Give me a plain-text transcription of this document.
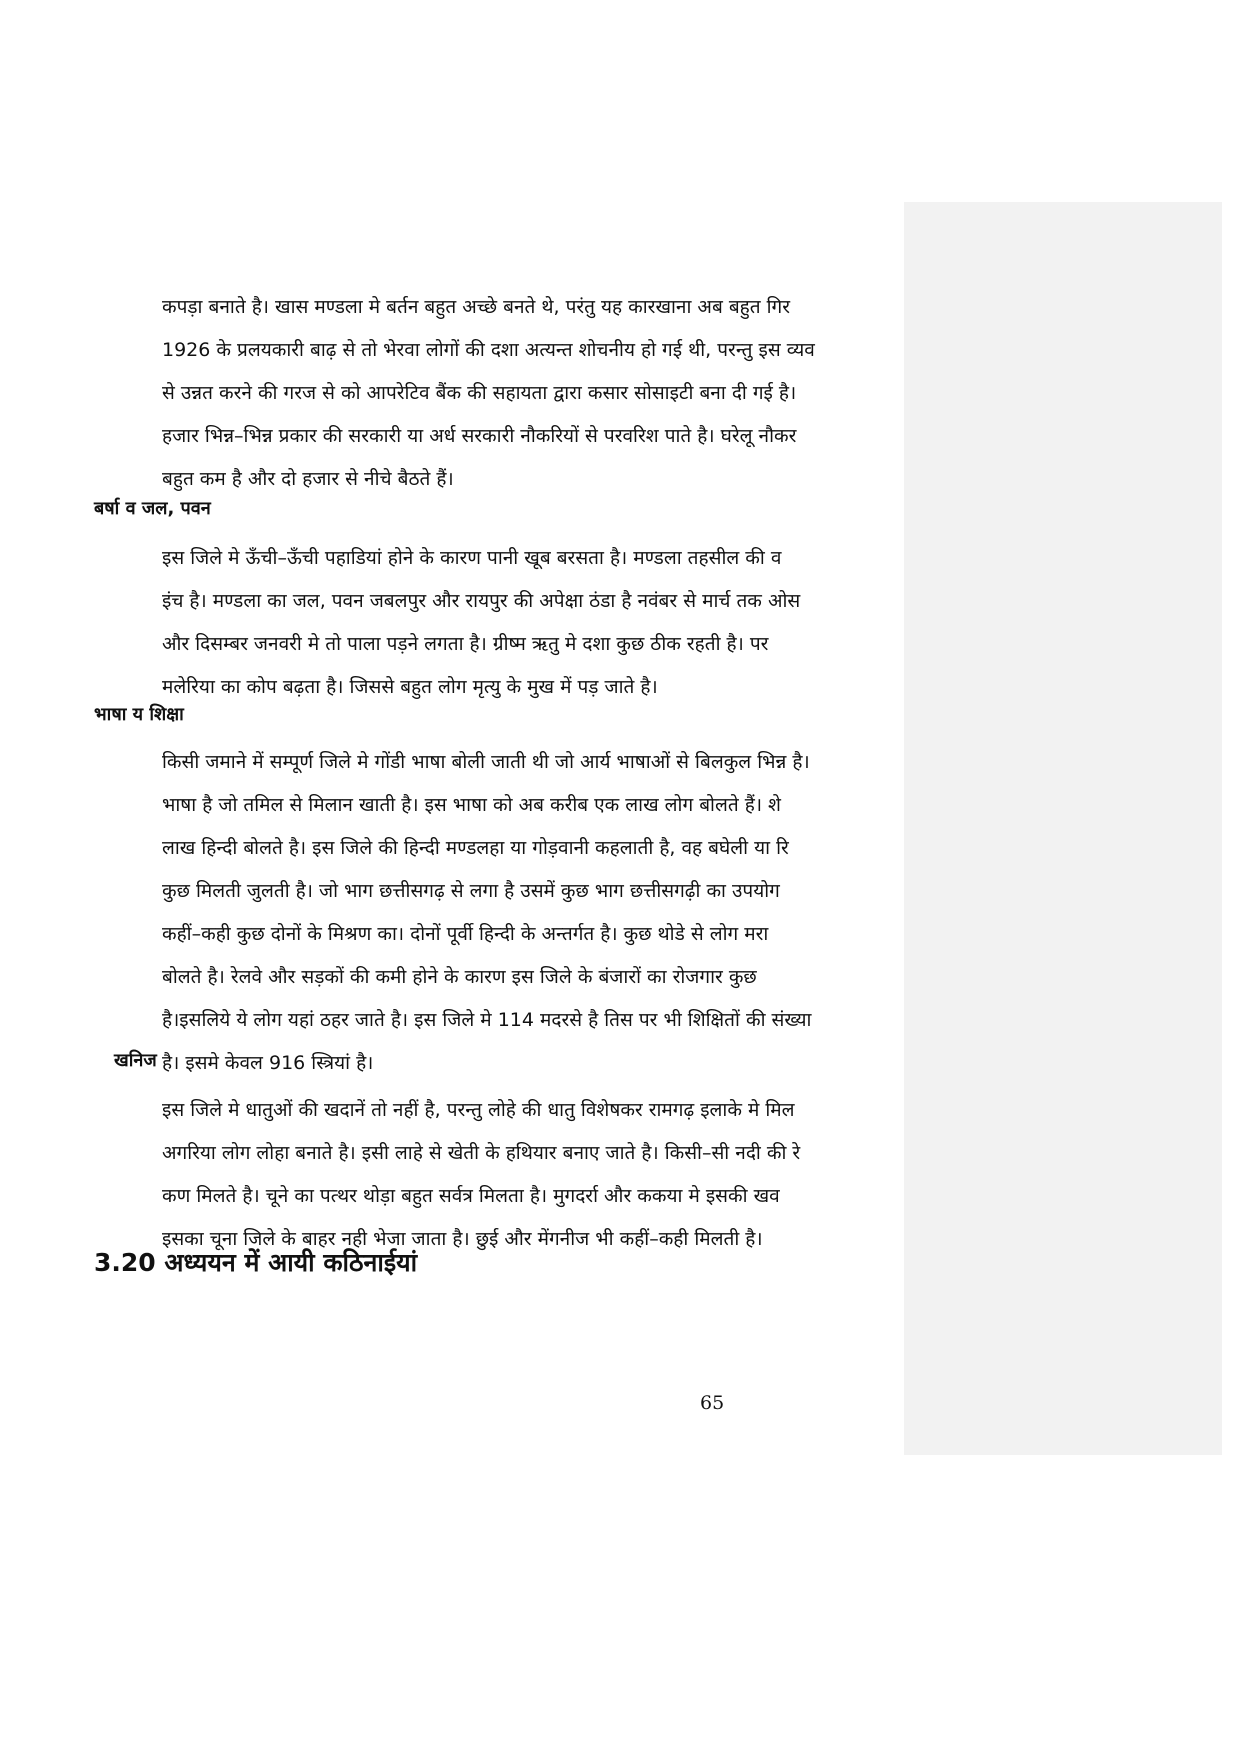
कपड़ा बनाते है। खास मण्डला मे बर्तन बहुत अच्छे बनते थे, परंतु यह कारखाना अब बहुत गिर
1926 के प्रलयकारी बाढ़ से तो भेरवा लोगों की दशा अत्यन्त शोचनीय हो गई थी, परन्तु इस व्यव
से उन्नत करने की गरज से को आपरेटिव बैंक की सहायता द्वारा कसार सोसाइटी बना दी गई है।
हजार भिन्न–भिन्न प्रकार की सरकारी या अर्ध सरकारी नौकरियों से परवरिश पाते है। घरेलू नौकर
बहुत कम है और दो हजार से नीचे बैठते हैं।
बर्षा व जल, पवन
इस जिले मे ऊँची–ऊँची पहाडियां होने के कारण पानी खूब बरसता है। मण्डला तहसील की व
इंच है। मण्डला का जल, पवन जबलपुर और रायपुर की अपेक्षा ठंडा है नवंबर से मार्च तक ओस
और दिसम्बर जनवरी मे तो पाला पड़ने लगता है। ग्रीष्म ऋतु मे दशा कुछ ठीक रहती है। पर
मलेरिया का कोप बढ़ता है। जिससे बहुत लोग मृत्यु के मुख में पड़ जाते है।
भाषा य शिक्षा
किसी जमाने में सम्पूर्ण जिले मे गोंडी भाषा बोली जाती थी जो आर्य भाषाओं से बिलकुल भिन्न है।
भाषा है जो तमिल से मिलान खाती है। इस भाषा को अब करीब एक लाख लोग बोलते हैं। शे
लाख हिन्दी बोलते है। इस जिले की हिन्दी मण्डलहा या गोड़वानी कहलाती है, वह बघेली या रि
कुछ मिलती जुलती है। जो भाग छत्तीसगढ़ से लगा है उसमें कुछ भाग छत्तीसगढ़ी का उपयोग
कहीं–कही कुछ दोनों के मिश्रण का। दोनों पूर्वी हिन्दी के अन्तर्गत है। कुछ थोडे से लोग मरा
बोलते है। रेलवे और सड़कों की कमी होने के कारण इस जिले के बंजारों का रोजगार कुछ
है।इसलिये ये लोग यहां ठहर जाते है। इस जिले मे 114 मदरसे है तिस पर भी शिक्षितों की संख्या
है। इसमे केवल 916 स्त्रियां है।
खनिज
इस जिले मे धातुओं की खदानें तो नहीं है, परन्तु लोहे की धातु विशेषकर रामगढ़ इलाके मे मिल
अगरिया लोग लोहा बनाते है। इसी लाहे से खेती के हथियार बनाए जाते है। किसी–सी नदी की रे
कण मिलते है। चूने का पत्थर थोड़ा बहुत सर्वत्र मिलता है। मुगदर्रा और ककया मे इसकी खव
इसका चूना जिले के बाहर नही भेजा जाता है। छुई और मेंगनीज भी कहीं–कही मिलती है।
3.20 अध्ययन में आयी कठिनाईयां
65
